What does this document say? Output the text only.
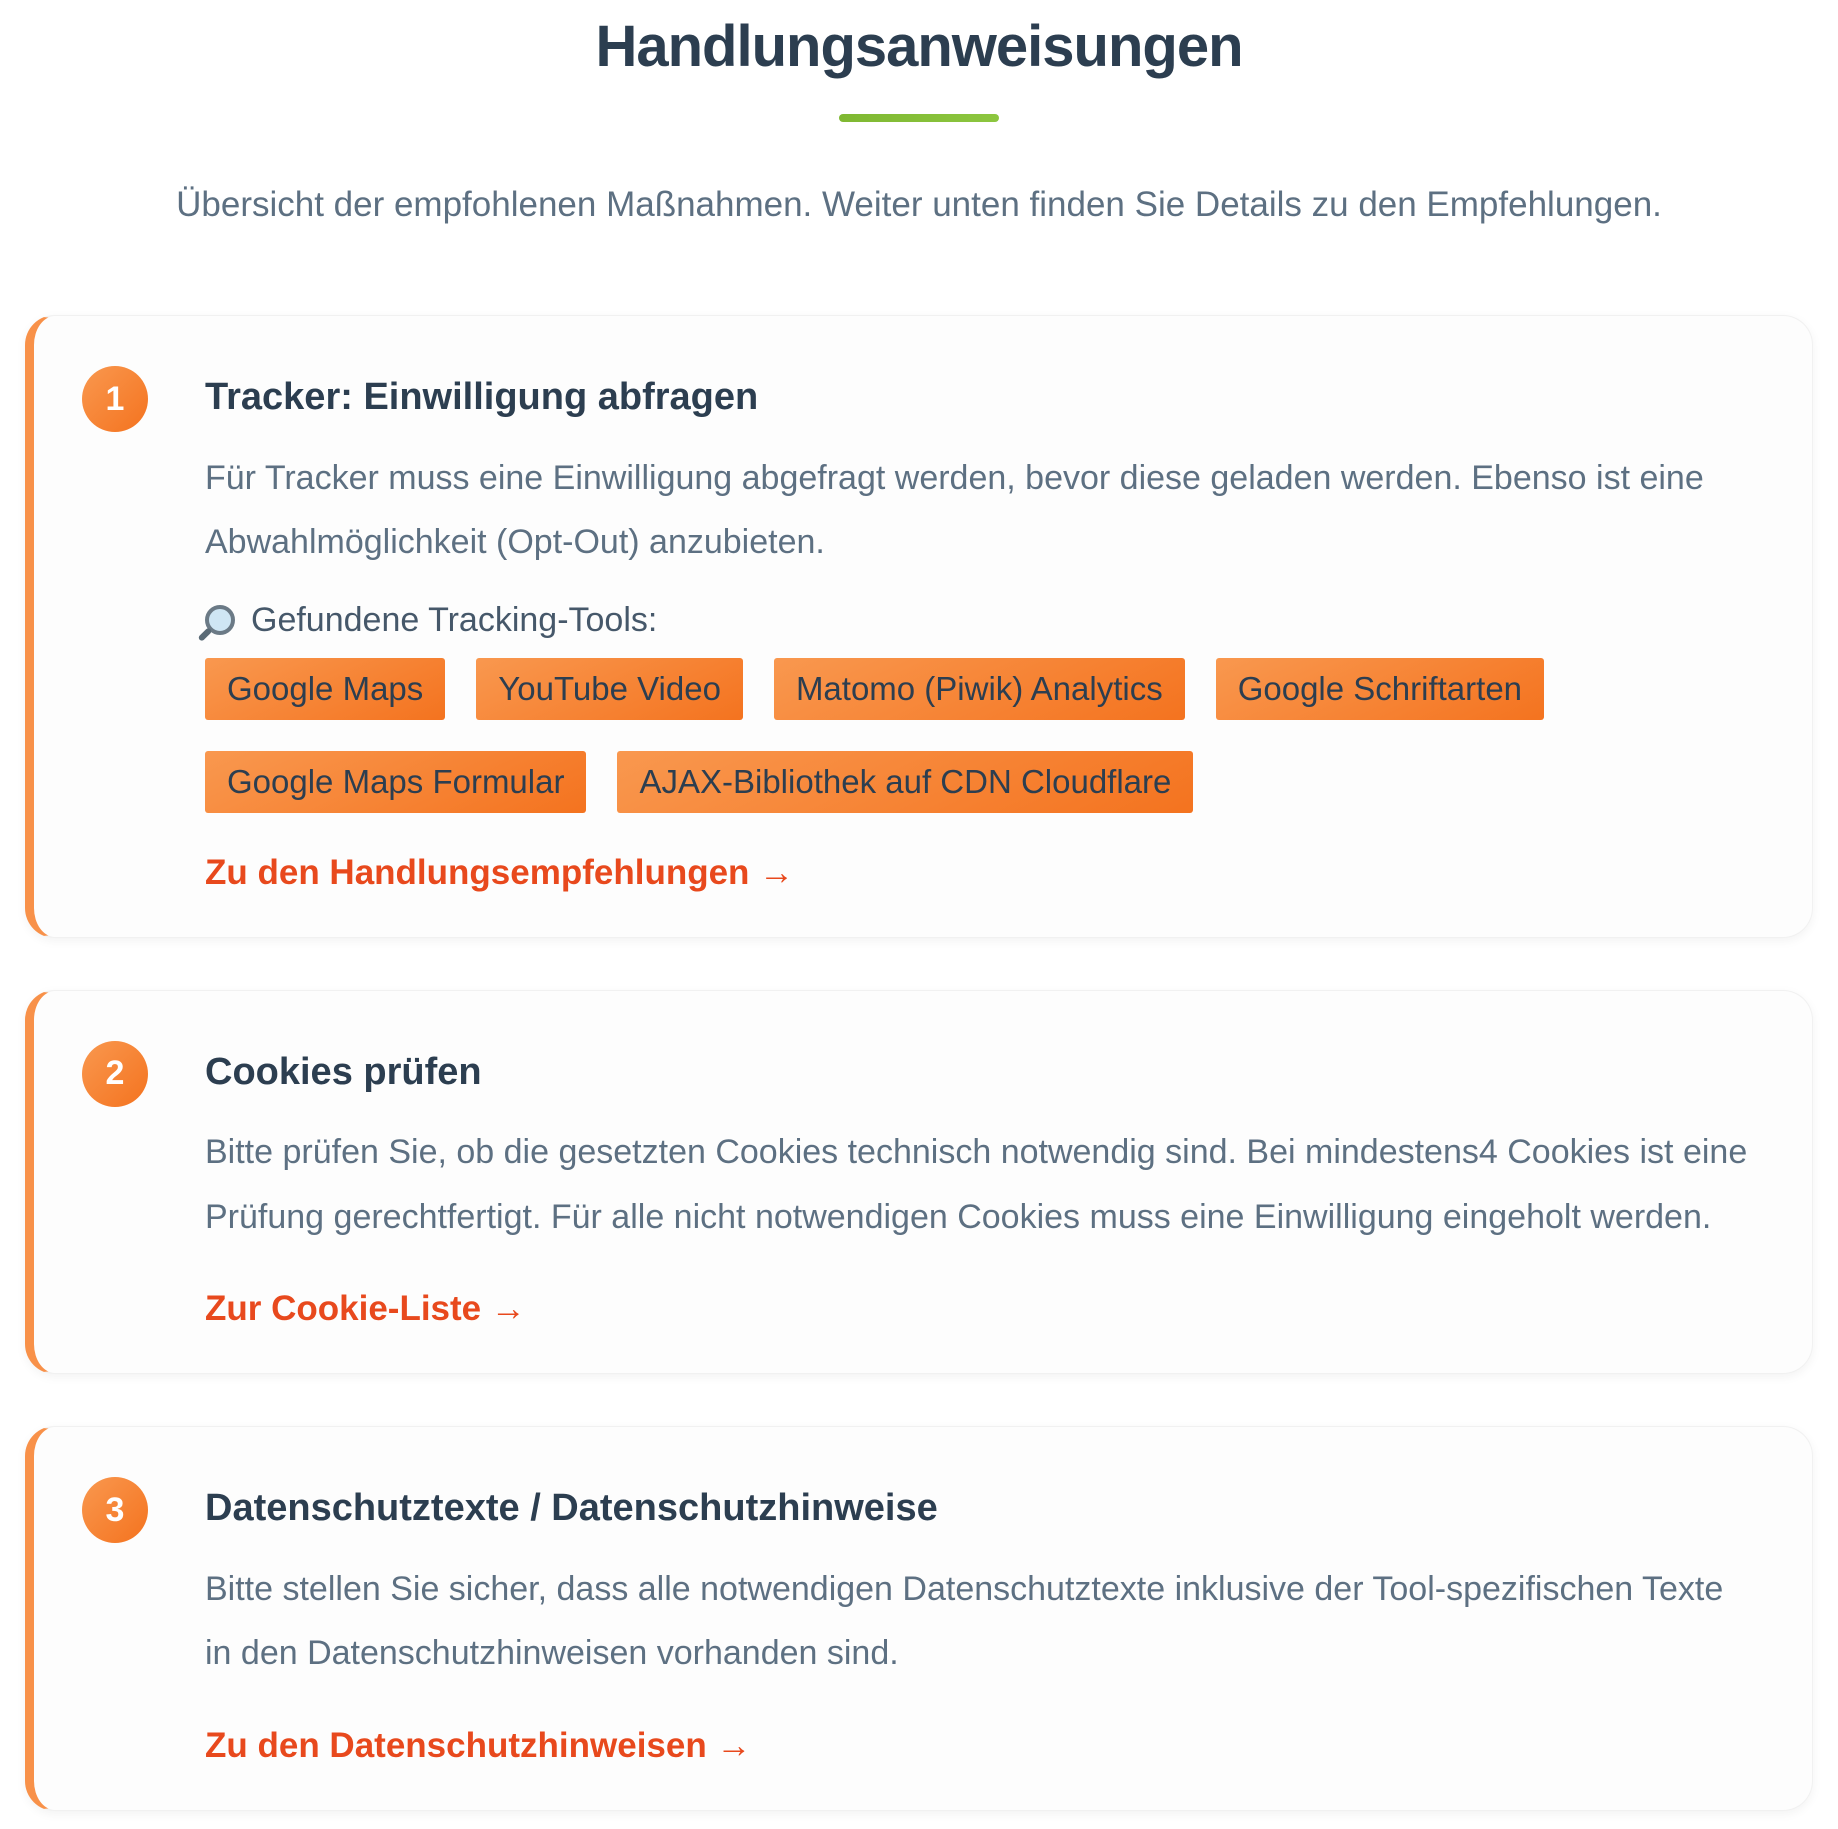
Handlungsanweisungen

Übersicht der empfohlenen Maßnahmen. Weiter unten finden Sie Details zu den Empfehlungen.

1	Tracker: Einwilligung abfragen

Für Tracker muss eine Einwilligung abgefragt werden, bevor diese geladen werden. Ebenso ist eine Abwahlmöglichkeit (Opt-Out) anzubieten.

Gefundene Tracking-Tools:
Google Maps	YouTube Video	Matomo (Piwik) Analytics	Google Schriftarten
Google Maps Formular	AJAX-Bibliothek auf CDN Cloudflare
Zu den Handlungsempfehlungen →
2	Cookies prüfen

Bitte prüfen Sie, ob die gesetzten Cookies technisch notwendig sind. Bei mindestens4 Cookies ist eine Prüfung gerechtfertigt. Für alle nicht notwendigen Cookies muss eine Einwilligung eingeholt werden.

Zur Cookie-Liste →
3	Datenschutztexte / Datenschutzhinweise

Bitte stellen Sie sicher, dass alle notwendigen Datenschutztexte inklusive der Tool-spezifischen Texte in den Datenschutzhinweisen vorhanden sind.

Zu den Datenschutzhinweisen →
